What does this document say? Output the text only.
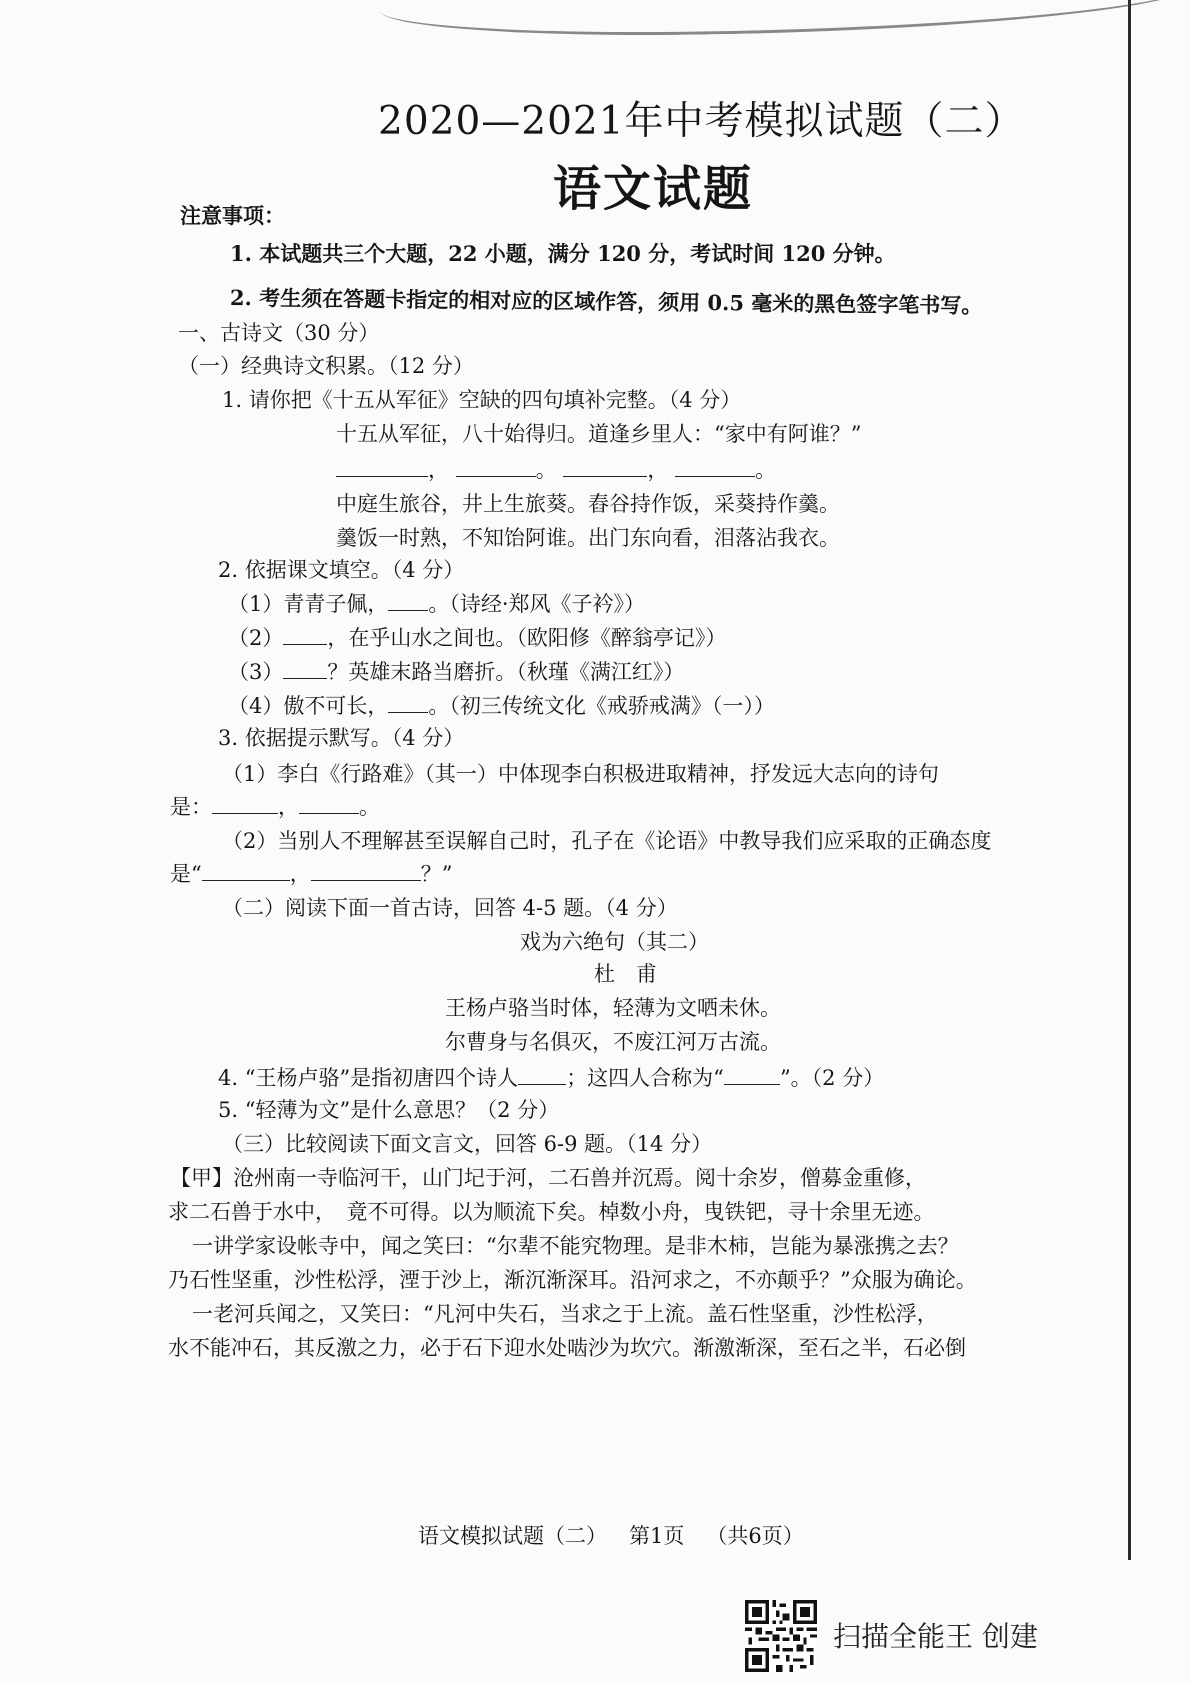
2020—2021年中考模拟试题（二）
语文试题
注意事项：
1. 本试题共三个大题，22 小题，满分 120 分，考试时间 120 分钟。
2. 考生须在答题卡指定的相对应的区域作答，须用 0.5 毫米的黑色签字笔书写。
一、古诗文（30 分）
（一）经典诗文积累。（12 分）
1. 请你把《十五从军征》空缺的四句填补完整。（4 分）
十五从军征，八十始得归。道逢乡里人：“家中有阿谁？”
，	。	，	。
中庭生旅谷，井上生旅葵。舂谷持作饭，采葵持作羹。
羹饭一时熟，不知饴阿谁。出门东向看，泪落沾我衣。
2. 依据课文填空。（4 分）
（1）青青子佩， 。（诗经·郑风《子衿》）
（2） ，在乎山水之间也。（欧阳修《醉翁亭记》）
（3） ？英雄末路当磨折。（秋瑾《满江红》）
（4）傲不可长， 。（初三传统文化《戒骄戒满》（一））
3. 依据提示默写。（4 分）
（1）李白《行路难》（其一）中体现李白积极进取精神，抒发远大志向的诗句
是：	，	。
（2）当别人不理解甚至误解自己时，孔子在《论语》中教导我们应采取的正确态度
是“	，	？”
（二）阅读下面一首古诗，回答 4-5 题。（4 分）
戏为六绝句（其二）
杜　甫
王杨卢骆当时体，轻薄为文哂未休。
尔曹身与名俱灭，不废江河万古流。
4. “王杨卢骆”是指初唐四个诗人 ；这四人合称为“	”。（2 分）
5. “轻薄为文”是什么意思？（2 分）
（三）比较阅读下面文言文，回答 6-9 题。（14 分）
【甲】沧州南一寺临河干，山门圮于河，二石兽并沉焉。阅十余岁，僧募金重修，
求二石兽于水中，　竟不可得。以为顺流下矣。棹数小舟，曳铁钯，寻十余里无迹。
一讲学家设帐寺中，闻之笑曰：“尔辈不能究物理。是非木柿，岂能为暴涨携之去？
乃石性坚重，沙性松浮，湮于沙上，渐沉渐深耳。沿河求之，不亦颠乎？”众服为确论。
一老河兵闻之，又笑曰：“凡河中失石，当求之于上流。盖石性坚重，沙性松浮，
水不能冲石，其反激之力，必于石下迎水处啮沙为坎穴。渐激渐深，至石之半，石必倒
语文模拟试题（二） 第1页 （共6页）
扫描全能王 创建
